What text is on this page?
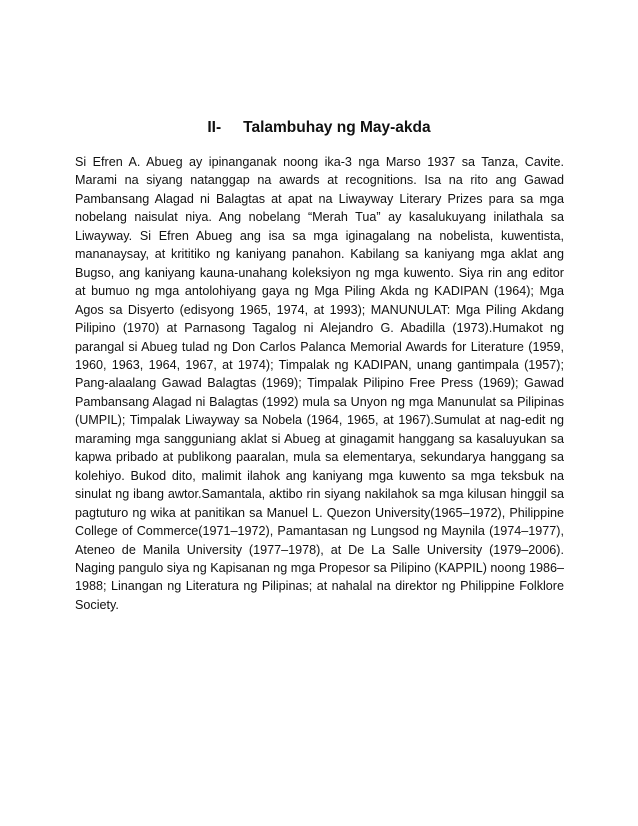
II- Talambuhay ng May-akda

Si Efren A. Abueg ay ipinanganak noong ika-3 nga Marso 1937 sa Tanza, Cavite. Marami na siyang natanggap na awards at recognitions. Isa na rito ang Gawad Pambansang Alagad ni Balagtas at apat na Liwayway Literary Prizes para sa mga nobelang naisulat niya. Ang nobelang “Merah Tua” ay kasalukuyang inilathala sa Liwayway. Si Efren Abueg ang isa sa mga iginagalang na nobelista, kuwentista, mananaysay, at krititiko ng kaniyang panahon. Kabilang sa kaniyang mga aklat ang Bugso, ang kaniyang kauna-unahang koleksiyon ng mga kuwento. Siya rin ang editor at bumuo ng mga antolohiyang gaya ng Mga Piling Akda ng KADIPAN (1964); Mga Agos sa Disyerto (edisyong 1965, 1974, at 1993); MANUNULAT: Mga Piling Akdang Pilipino (1970) at Parnasong Tagalog ni Alejandro G. Abadilla (1973).Humakot ng parangal si Abueg tulad ng Don Carlos Palanca Memorial Awards for Literature (1959, 1960, 1963, 1964, 1967, at 1974); Timpalak ng KADIPAN, unang gantimpala (1957); Pang-alaalang Gawad Balagtas (1969); Timpalak Pilipino Free Press (1969); Gawad Pambansang Alagad ni Balagtas (1992) mula sa Unyon ng mga Manunulat sa Pilipinas (UMPIL); Timpalak Liwayway sa Nobela (1964, 1965, at 1967).Sumulat at nag-edit ng maraming mga sangguniang aklat si Abueg at ginagamit hanggang sa kasaluyukan sa kapwa pribado at publikong paaralan, mula sa elementarya, sekundarya hanggang sa kolehiyo. Bukod dito, malimit ilahok ang kaniyang mga kuwento sa mga teksbuk na sinulat ng ibang awtor.Samantala, aktibo rin siyang nakilahok sa mga kilusan hinggil sa pagtuturo ng wika at panitikan sa Manuel L. Quezon University(1965–1972), Philippine College of Commerce(1971–1972), Pamantasan ng Lungsod ng Maynila (1974–1977), Ateneo de Manila University (1977–1978), at De La Salle University (1979–2006). Naging pangulo siya ng Kapisanan ng mga Propesor sa Pilipino (KAPPIL) noong 1986–1988; Linangan ng Literatura ng Pilipinas; at nahalal na direktor ng Philippine Folklore Society.
